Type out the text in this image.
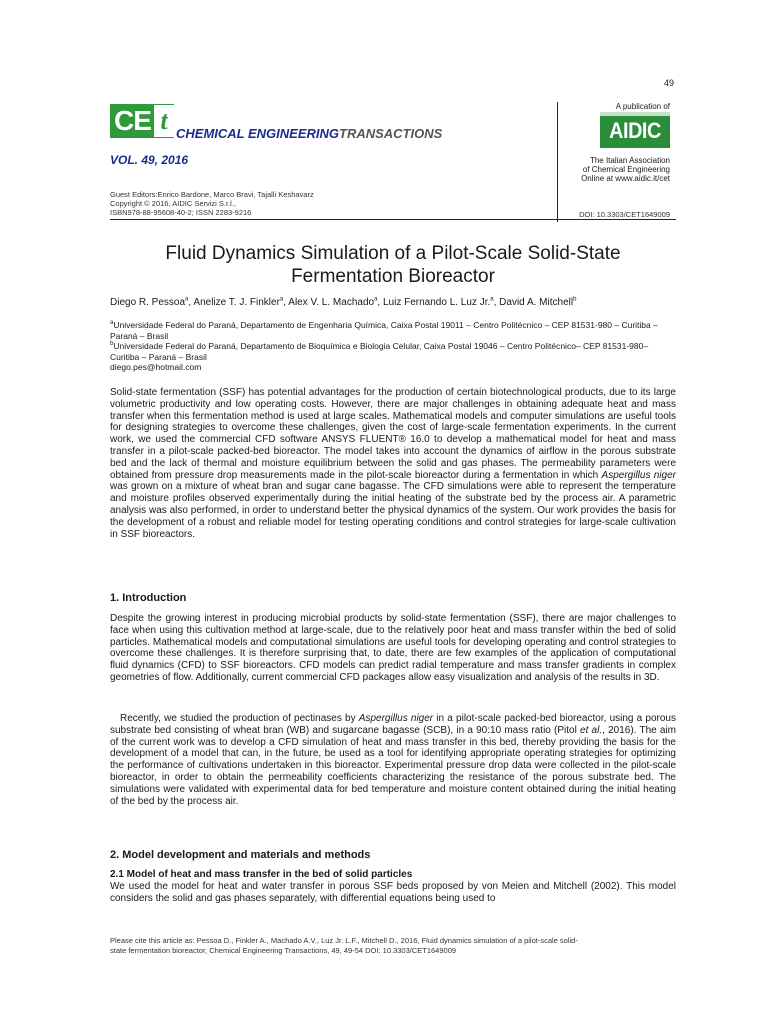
49
CE t CHEMICAL ENGINEERINGTRANSACTIONS
VOL. 49, 2016
A publication of
AIDIC
The Italian Association
of Chemical Engineering
Online at www.aidic.it/cet
Guest Editors:Enrico Bardone, Marco Bravi, Tajalli Keshavarz
Copyright © 2016, AIDIC Servizi S.r.l.,
ISBN978-88-95608-40-2; ISSN 2283-9216	DOI: 10.3303/CET1649009
Fluid Dynamics Simulation of a Pilot-Scale Solid-State
Fermentation Bioreactor
Diego R. Pessoa$^a$, Anelize T. J. Finkler$^a$, Alex V. L. Machado$^a$, Luiz Fernando L. Luz Jr.$^a$, David A. Mitchell$^b$
$^a$Universidade Federal do Paraná, Departamento de Engenharia Química, Caixa Postal 19011 – Centro Politécnico – CEP 81531-980 – Curitiba – Paraná – Brasil
$^b$Universidade Federal do Paraná, Departamento de Bioquímica e Biologia Celular, Caixa Postal 19046 – Centro Politécnico– CEP 81531-980– Curitiba – Paraná – Brasil
diego.pes@hotmail.com
Solid-state fermentation (SSF) has potential advantages for the production of certain biotechnological products, due to its large volumetric productivity and low operating costs. However, there are major challenges in obtaining adequate heat and mass transfer when this fermentation method is used at large scales. Mathematical models and computer simulations are useful tools for designing strategies to overcome these challenges, given the cost of large-scale fermentation experiments. In the current work, we used the commercial CFD software ANSYS FLUENT® 16.0 to develop a mathematical model for heat and mass transfer in a pilot-scale packed-bed bioreactor. The model takes into account the dynamics of airflow in the porous substrate bed and the lack of thermal and moisture equilibrium between the solid and gas phases. The permeability parameters were obtained from pressure drop measurements made in the pilot-scale bioreactor during a fermentation in which Aspergillus niger was grown on a mixture of wheat bran and sugar cane bagasse. The CFD simulations were able to represent the temperature and moisture profiles observed experimentally during the initial heating of the substrate bed by the process air. A parametric analysis was also performed, in order to understand better the physical dynamics of the system. Our work provides the basis for the development of a robust and reliable model for testing operating conditions and control strategies for large-scale cultivation in SSF bioreactors.
1. Introduction
Despite the growing interest in producing microbial products by solid-state fermentation (SSF), there are major challenges to face when using this cultivation method at large-scale, due to the relatively poor heat and mass transfer within the bed of solid particles. Mathematical models and computational simulations are useful tools for developing operating and control strategies to overcome these challenges. It is therefore surprising that, to date, there are few examples of the application of computational fluid dynamics (CFD) to SSF bioreactors. CFD models can predict radial temperature and mass transfer gradients in complex geometries of flow. Additionally, current commercial CFD packages allow easy visualization and analysis of the results in 3D.
Recently, we studied the production of pectinases by Aspergillus niger in a pilot-scale packed-bed bioreactor, using a porous substrate bed consisting of wheat bran (WB) and sugarcane bagasse (SCB), in a 90:10 mass ratio (Pitol et al., 2016). The aim of the current work was to develop a CFD simulation of heat and mass transfer in this bed, thereby providing the basis for the development of a model that can, in the future, be used as a tool for identifying appropriate operating strategies for optimizing the performance of cultivations undertaken in this bioreactor. Experimental pressure drop data were collected in the pilot-scale bioreactor, in order to obtain the permeability coefficients characterizing the resistance of the porous substrate bed. The simulations were validated with experimental data for bed temperature and moisture content obtained during the initial heating of the bed by the process air.
2. Model development and materials and methods
2.1 Model of heat and mass transfer in the bed of solid particles
We used the model for heat and water transfer in porous SSF beds proposed by von Meien and Mitchell (2002). This model considers the solid and gas phases separately, with differential equations being used to
Please cite this article as: Pessoa D., Finkler A., Machado A.V., Luz Jr. L.F., Mitchell D., 2016, Fluid dynamics simulation of a pilot-scale solid-
state fermentation bioreactor, Chemical Engineering Transactions, 49, 49-54 DOI: 10.3303/CET1649009
